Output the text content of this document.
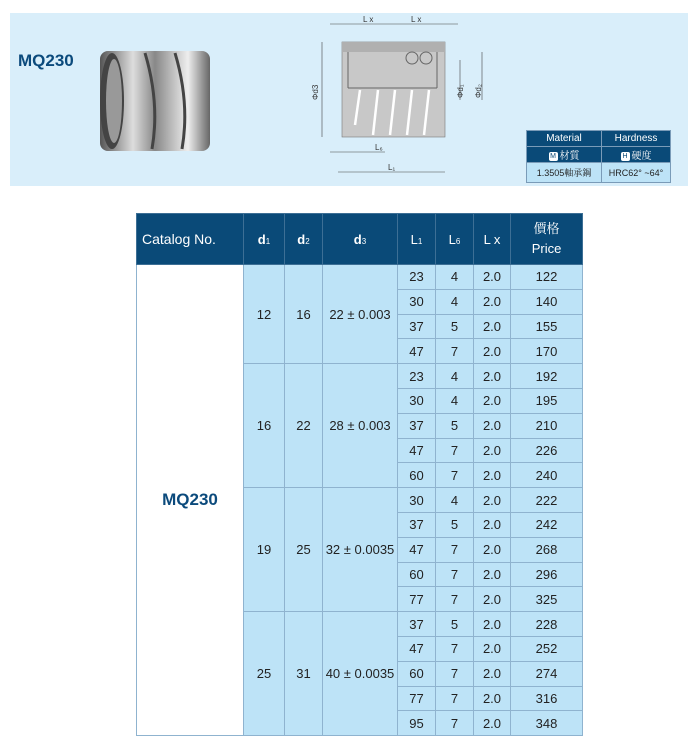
MQ230
L x	L x
Φd3	Φd₁ Φd₂
L₆
L₁
Material	Hardness
M 材質	H 硬度
1.3505軸承鋼	HRC62° ~64°
Catalog No.	d1	d2	d3	L1	L6	L x	價格
Price
MQ230	12	16	22 ± 0.003	23	4	2.0	122
				30	4	2.0	140
				37	5	2.0	155
				47	7	2.0	170
	16	22	28 ± 0.003	23	4	2.0	192
				30	4	2.0	195
				37	5	2.0	210
				47	7	2.0	226
				60	7	2.0	240
	19	25	32 ± 0.0035	30	4	2.0	222
				37	5	2.0	242
				47	7	2.0	268
				60	7	2.0	296
				77	7	2.0	325
	25	31	40 ± 0.0035	37	5	2.0	228
				47	7	2.0	252
				60	7	2.0	274
				77	7	2.0	316
				95	7	2.0	348
